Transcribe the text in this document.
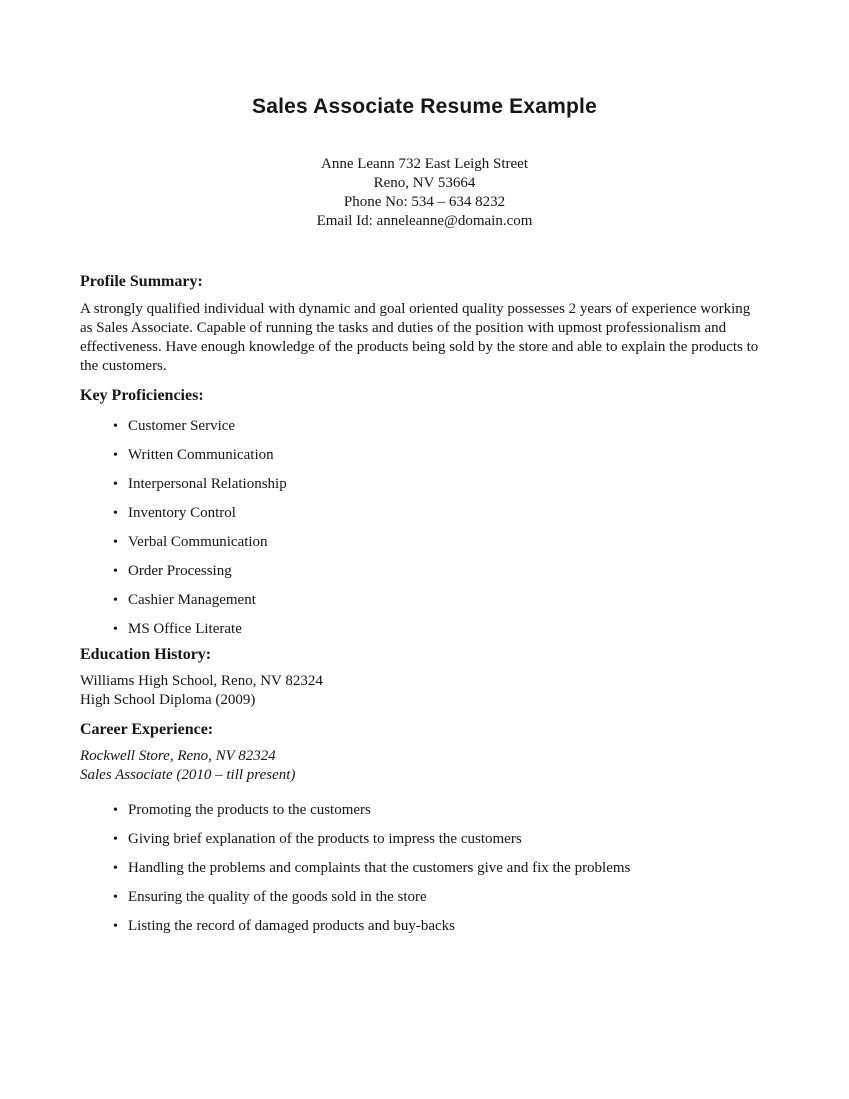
Sales Associate Resume Example
Anne Leann 732 East Leigh Street
Reno, NV 53664
Phone No: 534 – 634 8232
Email Id: anneleanne@domain.com
Profile Summary:
A strongly qualified individual with dynamic and goal oriented quality possesses 2 years of experience working as Sales Associate. Capable of running the tasks and duties of the position with upmost professionalism and effectiveness. Have enough knowledge of the products being sold by the store and able to explain the products to the customers.
Key Proficiencies:
• Customer Service
• Written Communication
• Interpersonal Relationship
• Inventory Control
• Verbal Communication
• Order Processing
• Cashier Management
• MS Office Literate
Education History:
Williams High School, Reno, NV 82324
High School Diploma (2009)
Career Experience:
Rockwell Store, Reno, NV 82324
Sales Associate (2010 – till present)
• Promoting the products to the customers
• Giving brief explanation of the products to impress the customers
• Handling the problems and complaints that the customers give and fix the problems
• Ensuring the quality of the goods sold in the store
• Listing the record of damaged products and buy-backs
